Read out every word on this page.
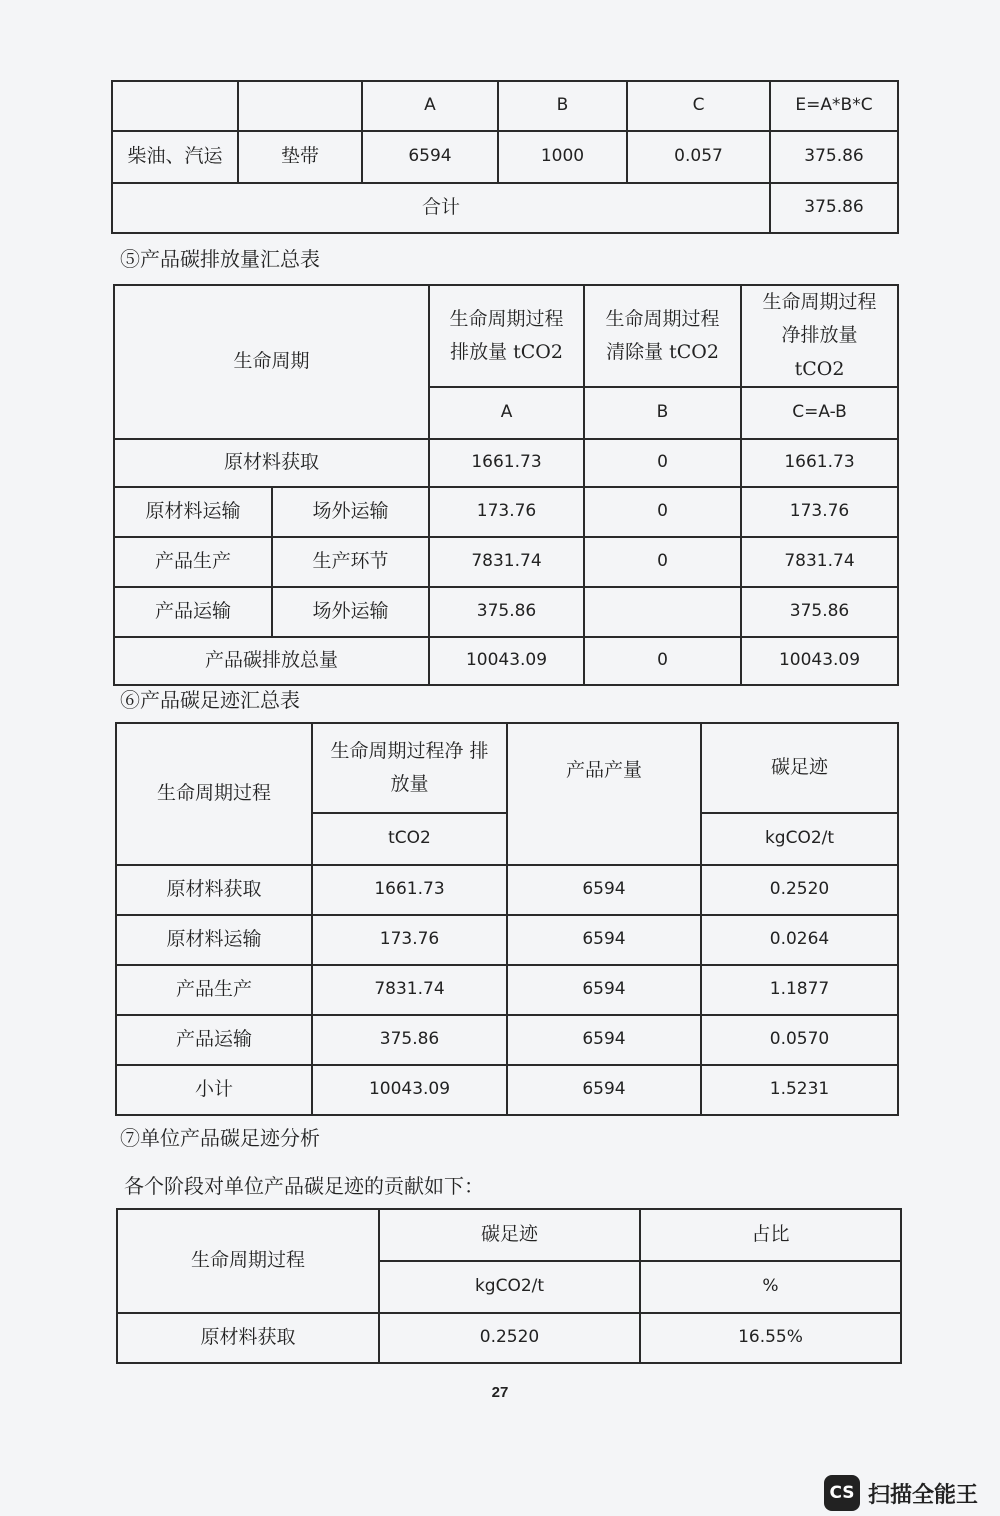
		A	B	C	E=A*B*C
柴油、汽运	垫带	6594	1000	0.057	375.86
合计					375.86
⑤产品碳排放量汇总表
生命周期		生命周期过程排放量 tCO2	生命周期过程清除量 tCO2	生命周期过程净排放量 tCO2
		A	B	C=A-B
原材料获取		1661.73	0	1661.73
原材料运输	场外运输	173.76	0	173.76
产品生产	生产环节	7831.74	0	7831.74
产品运输	场外运输	375.86		375.86
产品碳排放总量		10043.09	0	10043.09
⑥产品碳足迹汇总表
生命周期过程	生命周期过程净 排放量	产品产量	碳足迹
	tCO2		kgCO2/t
原材料获取	1661.73	6594	0.2520
原材料运输	173.76	6594	0.0264
产品生产	7831.74	6594	1.1877
产品运输	375.86	6594	0.0570
小计	10043.09	6594	1.5231
⑦单位产品碳足迹分析
各个阶段对单位产品碳足迹的贡献如下：
生命周期过程	碳足迹	占比
	kgCO2/t	%
原材料获取	0.2520	16.55%
27
CS 扫描全能王
